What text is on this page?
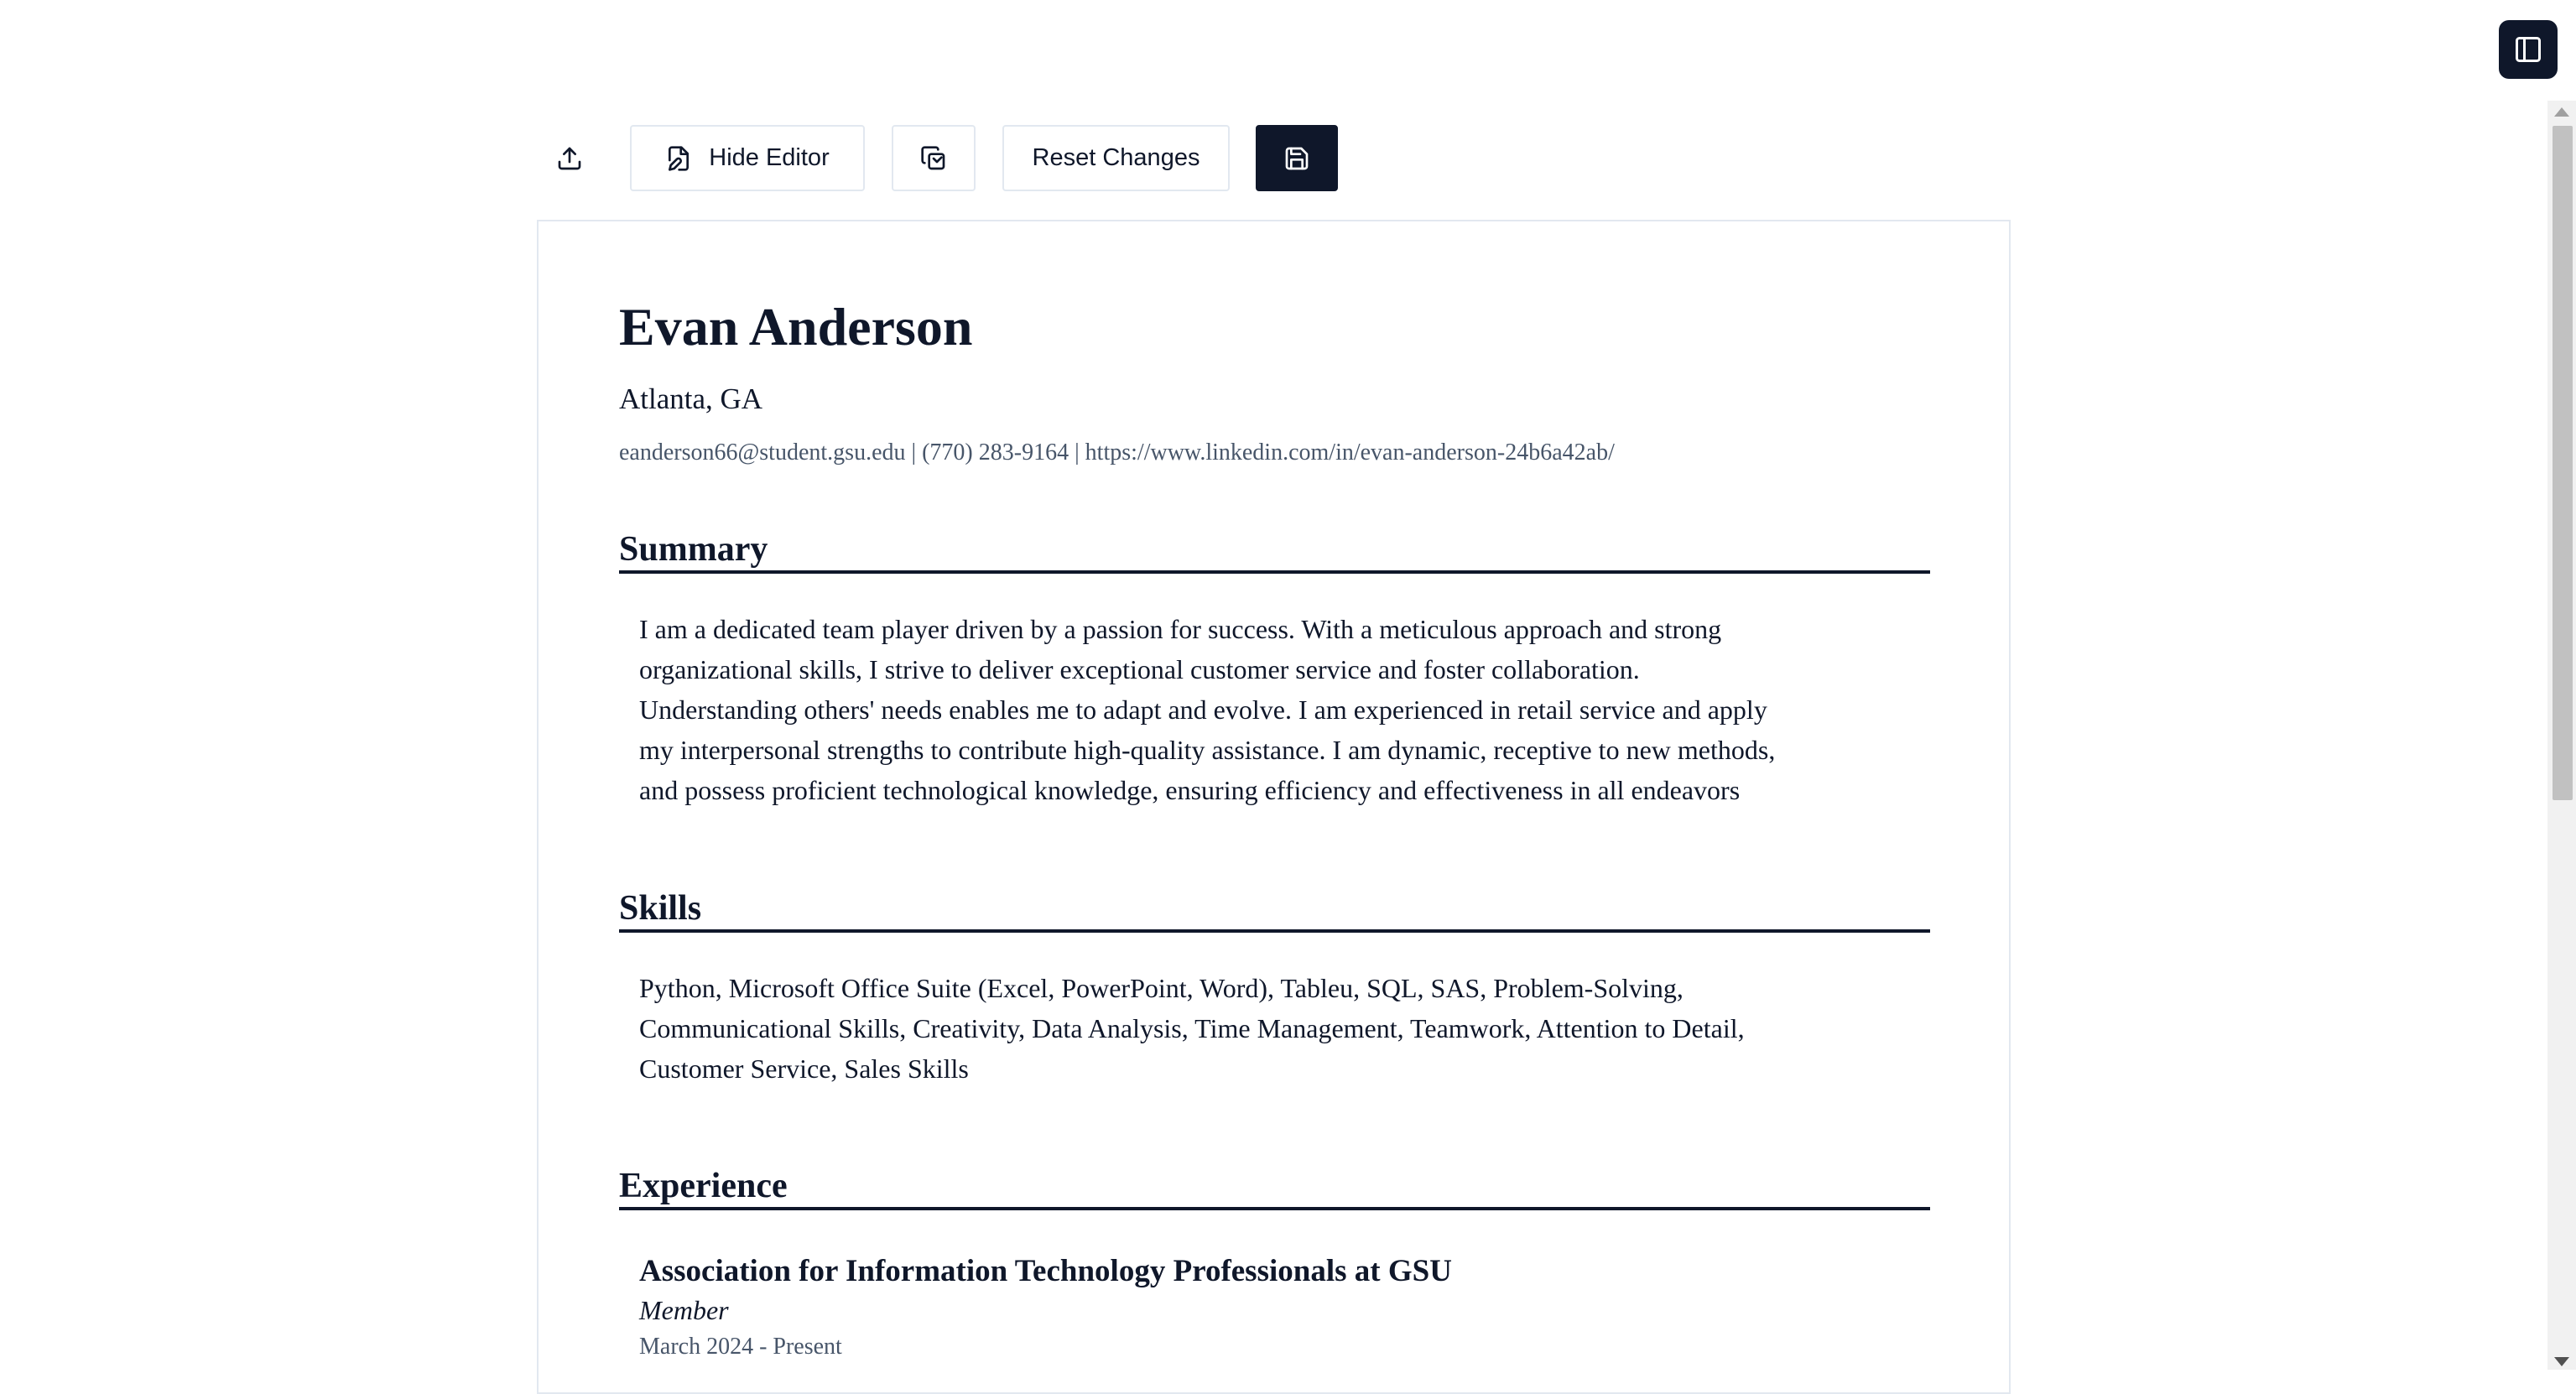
Hide Editor	Reset Changes
Evan Anderson
Atlanta, GA
eanderson66@student.gsu.edu | (770) 283-9164 | https://www.linkedin.com/in/evan-anderson-24b6a42ab/
Summary
I am a dedicated team player driven by a passion for success. With a meticulous approach and strong
organizational skills, I strive to deliver exceptional customer service and foster collaboration.
Understanding others' needs enables me to adapt and evolve. I am experienced in retail service and apply
my interpersonal strengths to contribute high-quality assistance. I am dynamic, receptive to new methods,
and possess proficient technological knowledge, ensuring efficiency and effectiveness in all endeavors
Skills
Python, Microsoft Office Suite (Excel, PowerPoint, Word), Tableu, SQL, SAS, Problem-Solving,
Communicational Skills, Creativity, Data Analysis, Time Management, Teamwork, Attention to Detail,
Customer Service, Sales Skills
Experience
Association for Information Technology Professionals at GSU
Member
March 2024 - Present
